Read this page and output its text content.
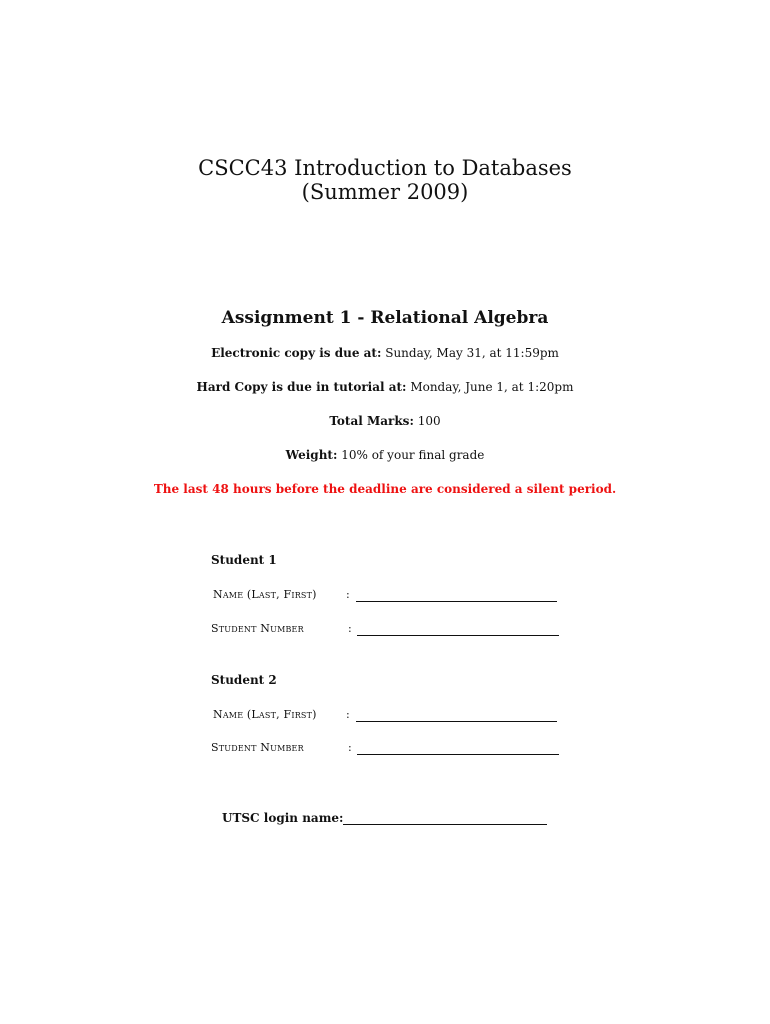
CSCC43 Introduction to Databases
(Summer 2009)
Assignment 1 - Relational Algebra
Electronic copy is due at: Sunday, May 31, at 11:59pm
Hard Copy is due in tutorial at: Monday, June 1, at 1:20pm
Total Marks: 100
Weight: 10% of your final grade
The last 48 hours before the deadline are considered a silent period.
Student 1
Name (Last, First)	:
Student Number	:
Student 2
Name (Last, First)	:
Student Number	:
UTSC login name:
